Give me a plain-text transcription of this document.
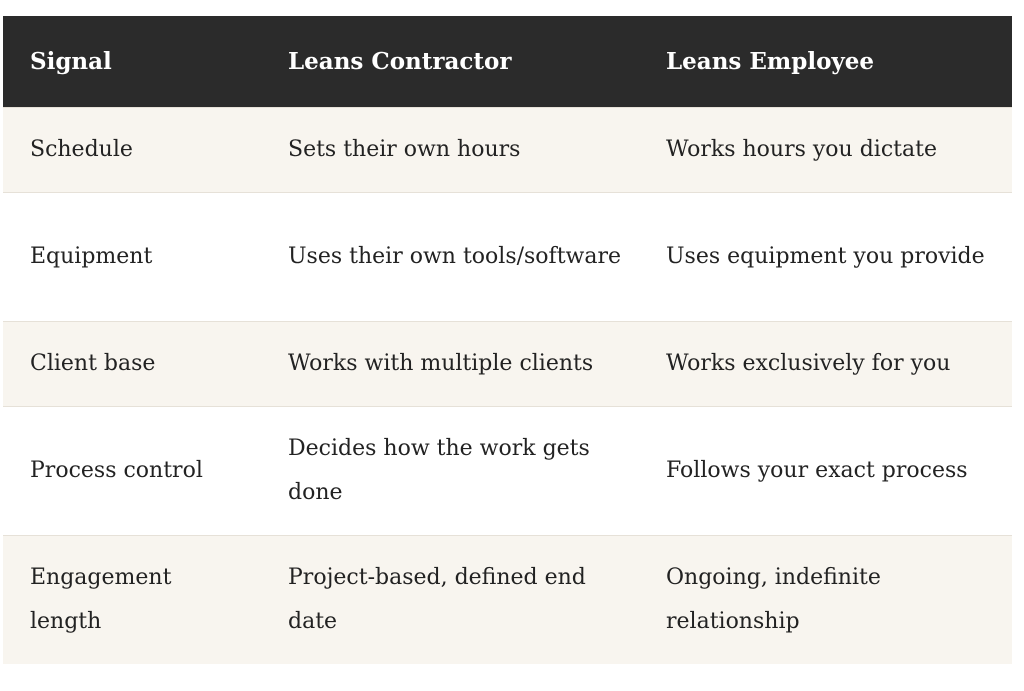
Signal	Leans Contractor	Leans Employee
Schedule	Sets their own hours	Works hours you dictate
Equipment	Uses their own tools/software	Uses equipment you provide
Client base	Works with multiple clients	Works exclusively for you
Process control	Decides how the work gets done	Follows your exact process
Engagement length	Project-based, defined end date	Ongoing, indefinite relationship
